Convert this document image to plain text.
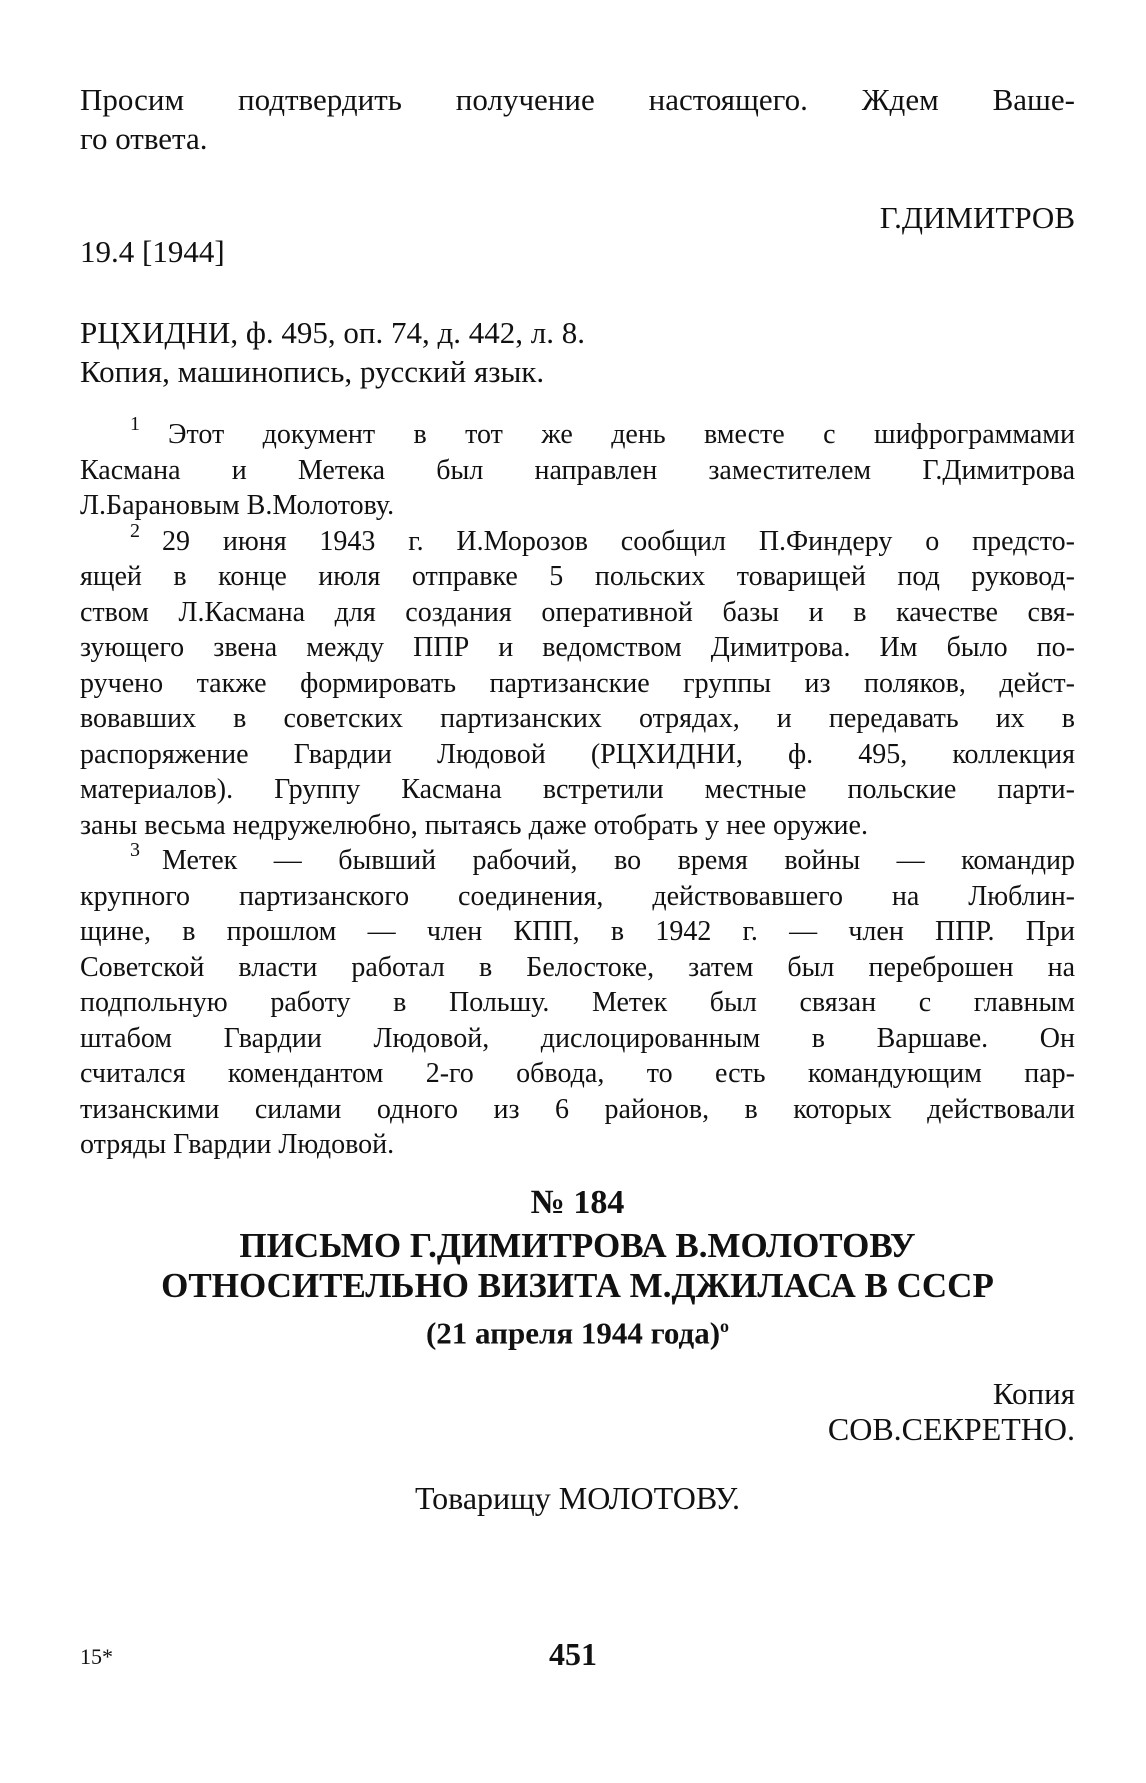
Просим подтвердить получение настоящего. Ждем Ваше-
го ответа.
Г.ДИМИТРОВ
19.4 [1944]
РЦХИДНИ, ф. 495, оп. 74, д. 442, л. 8.
Копия, машинопись, русский язык.
1	Этот документ в тот же день вместе с шифрограммами
Касмана и Метека был направлен заместителем Г.Димитрова
Л.Барановым В.Молотову.
2 29 июня 1943 г. И.Морозов сообщил П.Финдеру о предсто-
ящей в конце июля отправке 5 польских товарищей под руковод-
ством Л.Касмана для создания оперативной базы и в качестве свя-
зующего звена между ППР и ведомством Димитрова. Им было по-
ручено также формировать партизанские группы из поляков, дейст-
вовавших в советских партизанских отрядах, и передавать их в
распоряжение Гвардии Людовой (РЦХИДНИ, ф. 495, коллекция
материалов). Группу Касмана встретили местные польские парти-
заны весьма недружелюбно, пытаясь даже отобрать у нее оружие.
3 Метек — бывший рабочий, во время войны — командир
крупного партизанского соединения, действовавшего на Люблин-
щине, в прошлом — член КПП, в 1942 г. — член ППР. При
Советской власти работал в Белостоке, затем был переброшен на
подпольную работу в Польшу. Метек был связан с главным
штабом Гвардии Людовой, дислоцированным в Варшаве. Он
считался комендантом 2-го обвода, то есть командующим пар-
тизанскими силами одного из 6 районов, в которых действовали
отряды Гвардии Людовой.
№ 184
ПИСЬМО Г.ДИМИТРОВА В.МОЛОТОВУ
ОТНОСИТЕЛЬНО ВИЗИТА М.ДЖИЛАСА В СССР
(21 апреля 1944 года)$^о$
Копия
СОВ.СЕКРЕТНО.
Товарищу МОЛОТОВУ.
15*	451
